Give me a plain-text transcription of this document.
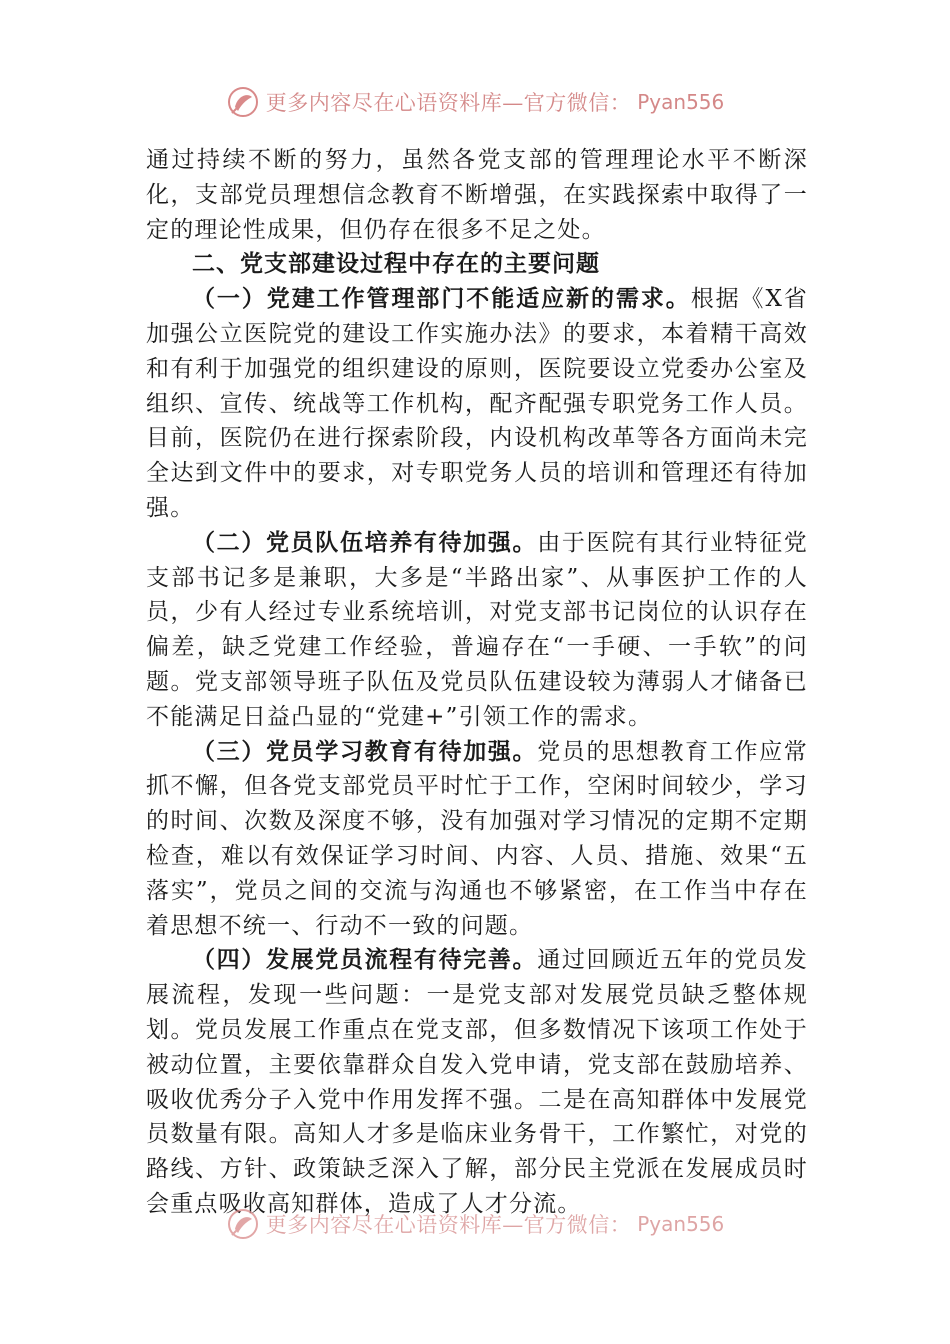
更多内容尽在心语资料库—官方微信： Pyan556

通过持续不断的努力，虽然各党支部的管理理论水平不断深化，支部党员理想信念教育不断增强，在实践探索中取得了一定的理论性成果，但仍存在很多不足之处。

二、党支部建设过程中存在的主要问题

（一）党建工作管理部门不能适应新的需求。根据《X省加强公立医院党的建设工作实施办法》的要求，本着精干高效和有利于加强党的组织建设的原则，医院要设立党委办公室及组织、宣传、统战等工作机构，配齐配强专职党务工作人员。目前，医院仍在进行探索阶段，内设机构改革等各方面尚未完全达到文件中的要求，对专职党务人员的培训和管理还有待加强。

（二）党员队伍培养有待加强。由于医院有其行业特征党支部书记多是兼职，大多是“半路出家”、从事医护工作的人员，少有人经过专业系统培训，对党支部书记岗位的认识存在偏差，缺乏党建工作经验，普遍存在“一手硬、一手软”的问题。党支部领导班子队伍及党员队伍建设较为薄弱人才储备已不能满足日益凸显的“党建+”引领工作的需求。

（三）党员学习教育有待加强。党员的思想教育工作应常抓不懈，但各党支部党员平时忙于工作，空闲时间较少，学习的时间、次数及深度不够，没有加强对学习情况的定期不定期检查，难以有效保证学习时间、内容、人员、措施、效果“五落实”，党员之间的交流与沟通也不够紧密，在工作当中存在着思想不统一、行动不一致的问题。

（四）发展党员流程有待完善。通过回顾近五年的党员发展流程，发现一些问题：一是党支部对发展党员缺乏整体规划。党员发展工作重点在党支部，但多数情况下该项工作处于被动位置，主要依靠群众自发入党申请，党支部在鼓励培养、吸收优秀分子入党中作用发挥不强。二是在高知群体中发展党员数量有限。高知人才多是临床业务骨干，工作繁忙，对党的路线、方针、政策缺乏深入了解，部分民主党派在发展成员时会重点吸收高知群体，造成了人才分流。

更多内容尽在心语资料库—官方微信： Pyan556
